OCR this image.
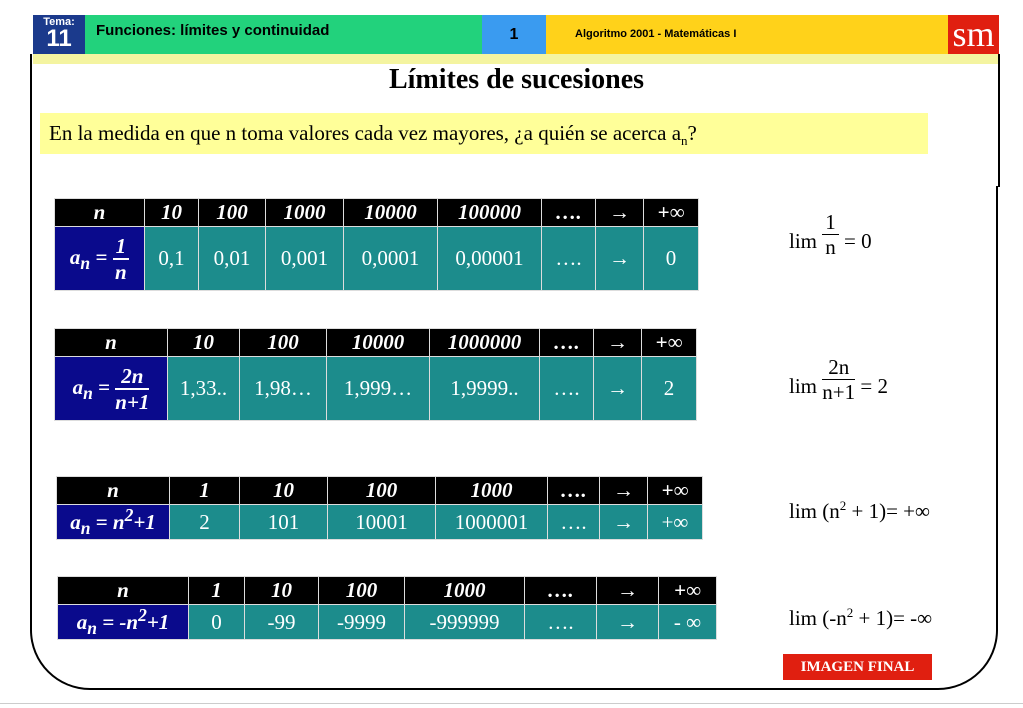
Tema:
11	Funciones: límites y continuidad	1	Algoritmo 2001 - Matemáticas I	sm
Límites de sucesiones
En la medida en que n toma valores cada vez mayores, ¿a quién se acerca $a_n$?
n	10	100	1000	10000	100000	….	→	+∞
$a_n = \frac{1}{n}$	0,1	0,01	0,001	0,0001	0,00001	….	→	0
n	10	100	10000	1000000	….	→	+∞
$a_n = \frac{2n}{n+1}$	1,33..	1,98…	1,999…	1,9999..	….	→	2
n	1	10	100	1000	….	→	+∞
$a_n = n^2+1$	2	101	10001	1000001	….	→	+∞
n	1	10	100	1000	….	→	+∞
$a_n = -n^2+1$	0	-99	-9999	-999999	….	→	- ∞
$\lim \frac{1}{n} = 0$
$\lim \frac{2n}{n+1} = 2$
$\lim (n^2 + 1)=$ +∞
$\lim (-n^2 + 1)=$ -∞
IMAGEN FINAL
